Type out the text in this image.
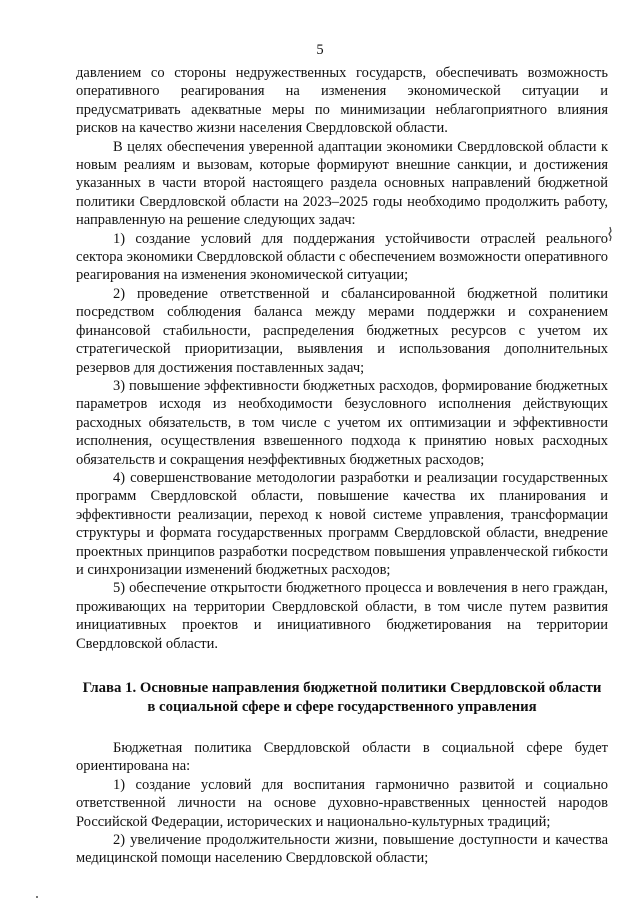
5

давлением со стороны недружественных государств, обеспечивать возможность оперативного реагирования на изменения экономической ситуации и предусматривать адекватные меры по минимизации неблагоприятного влияния рисков на качество жизни населения Свердловской области.

В целях обеспечения уверенной адаптации экономики Свердловской области к новым реалиям и вызовам, которые формируют внешние санкции, и достижения указанных в части второй настоящего раздела основных направлений бюджетной политики Свердловской области на 2023–2025 годы необходимо продолжить работу, направленную на решение следующих задач:

1) создание условий для поддержания устойчивости отраслей реального сектора экономики Свердловской области с обеспечением возможности оперативного реагирования на изменения экономической ситуации;

2) проведение ответственной и сбалансированной бюджетной политики посредством соблюдения баланса между мерами поддержки и сохранением финансовой стабильности, распределения бюджетных ресурсов с учетом их стратегической приоритизации, выявления и использования дополнительных резервов для достижения поставленных задач;

3) повышение эффективности бюджетных расходов, формирование бюджетных параметров исходя из необходимости безусловного исполнения действующих расходных обязательств, в том числе с учетом их оптимизации и эффективности исполнения, осуществления взвешенного подхода к принятию новых расходных обязательств и сокращения неэффективных бюджетных расходов;

4) совершенствование методологии разработки и реализации государственных программ Свердловской области, повышение качества их планирования и эффективности реализации, переход к новой системе управления, трансформации структуры и формата государственных программ Свердловской области, внедрение проектных принципов разработки посредством повышения управленческой гибкости и синхронизации изменений бюджетных расходов;

5) обеспечение открытости бюджетного процесса и вовлечения в него граждан, проживающих на территории Свердловской области, в том числе путем развития инициативных проектов и инициативного бюджетирования на территории Свердловской области.

Глава 1. Основные направления бюджетной политики Свердловской области
в социальной сфере и сфере государственного управления

Бюджетная политика Свердловской области в социальной сфере будет ориентирована на:

1) создание условий для воспитания гармонично развитой и социально ответственной личности на основе духовно-нравственных ценностей народов Российской Федерации, исторических и национально-культурных традиций;

2) увеличение продолжительности жизни, повышение доступности и качества медицинской помощи населению Свердловской области;
